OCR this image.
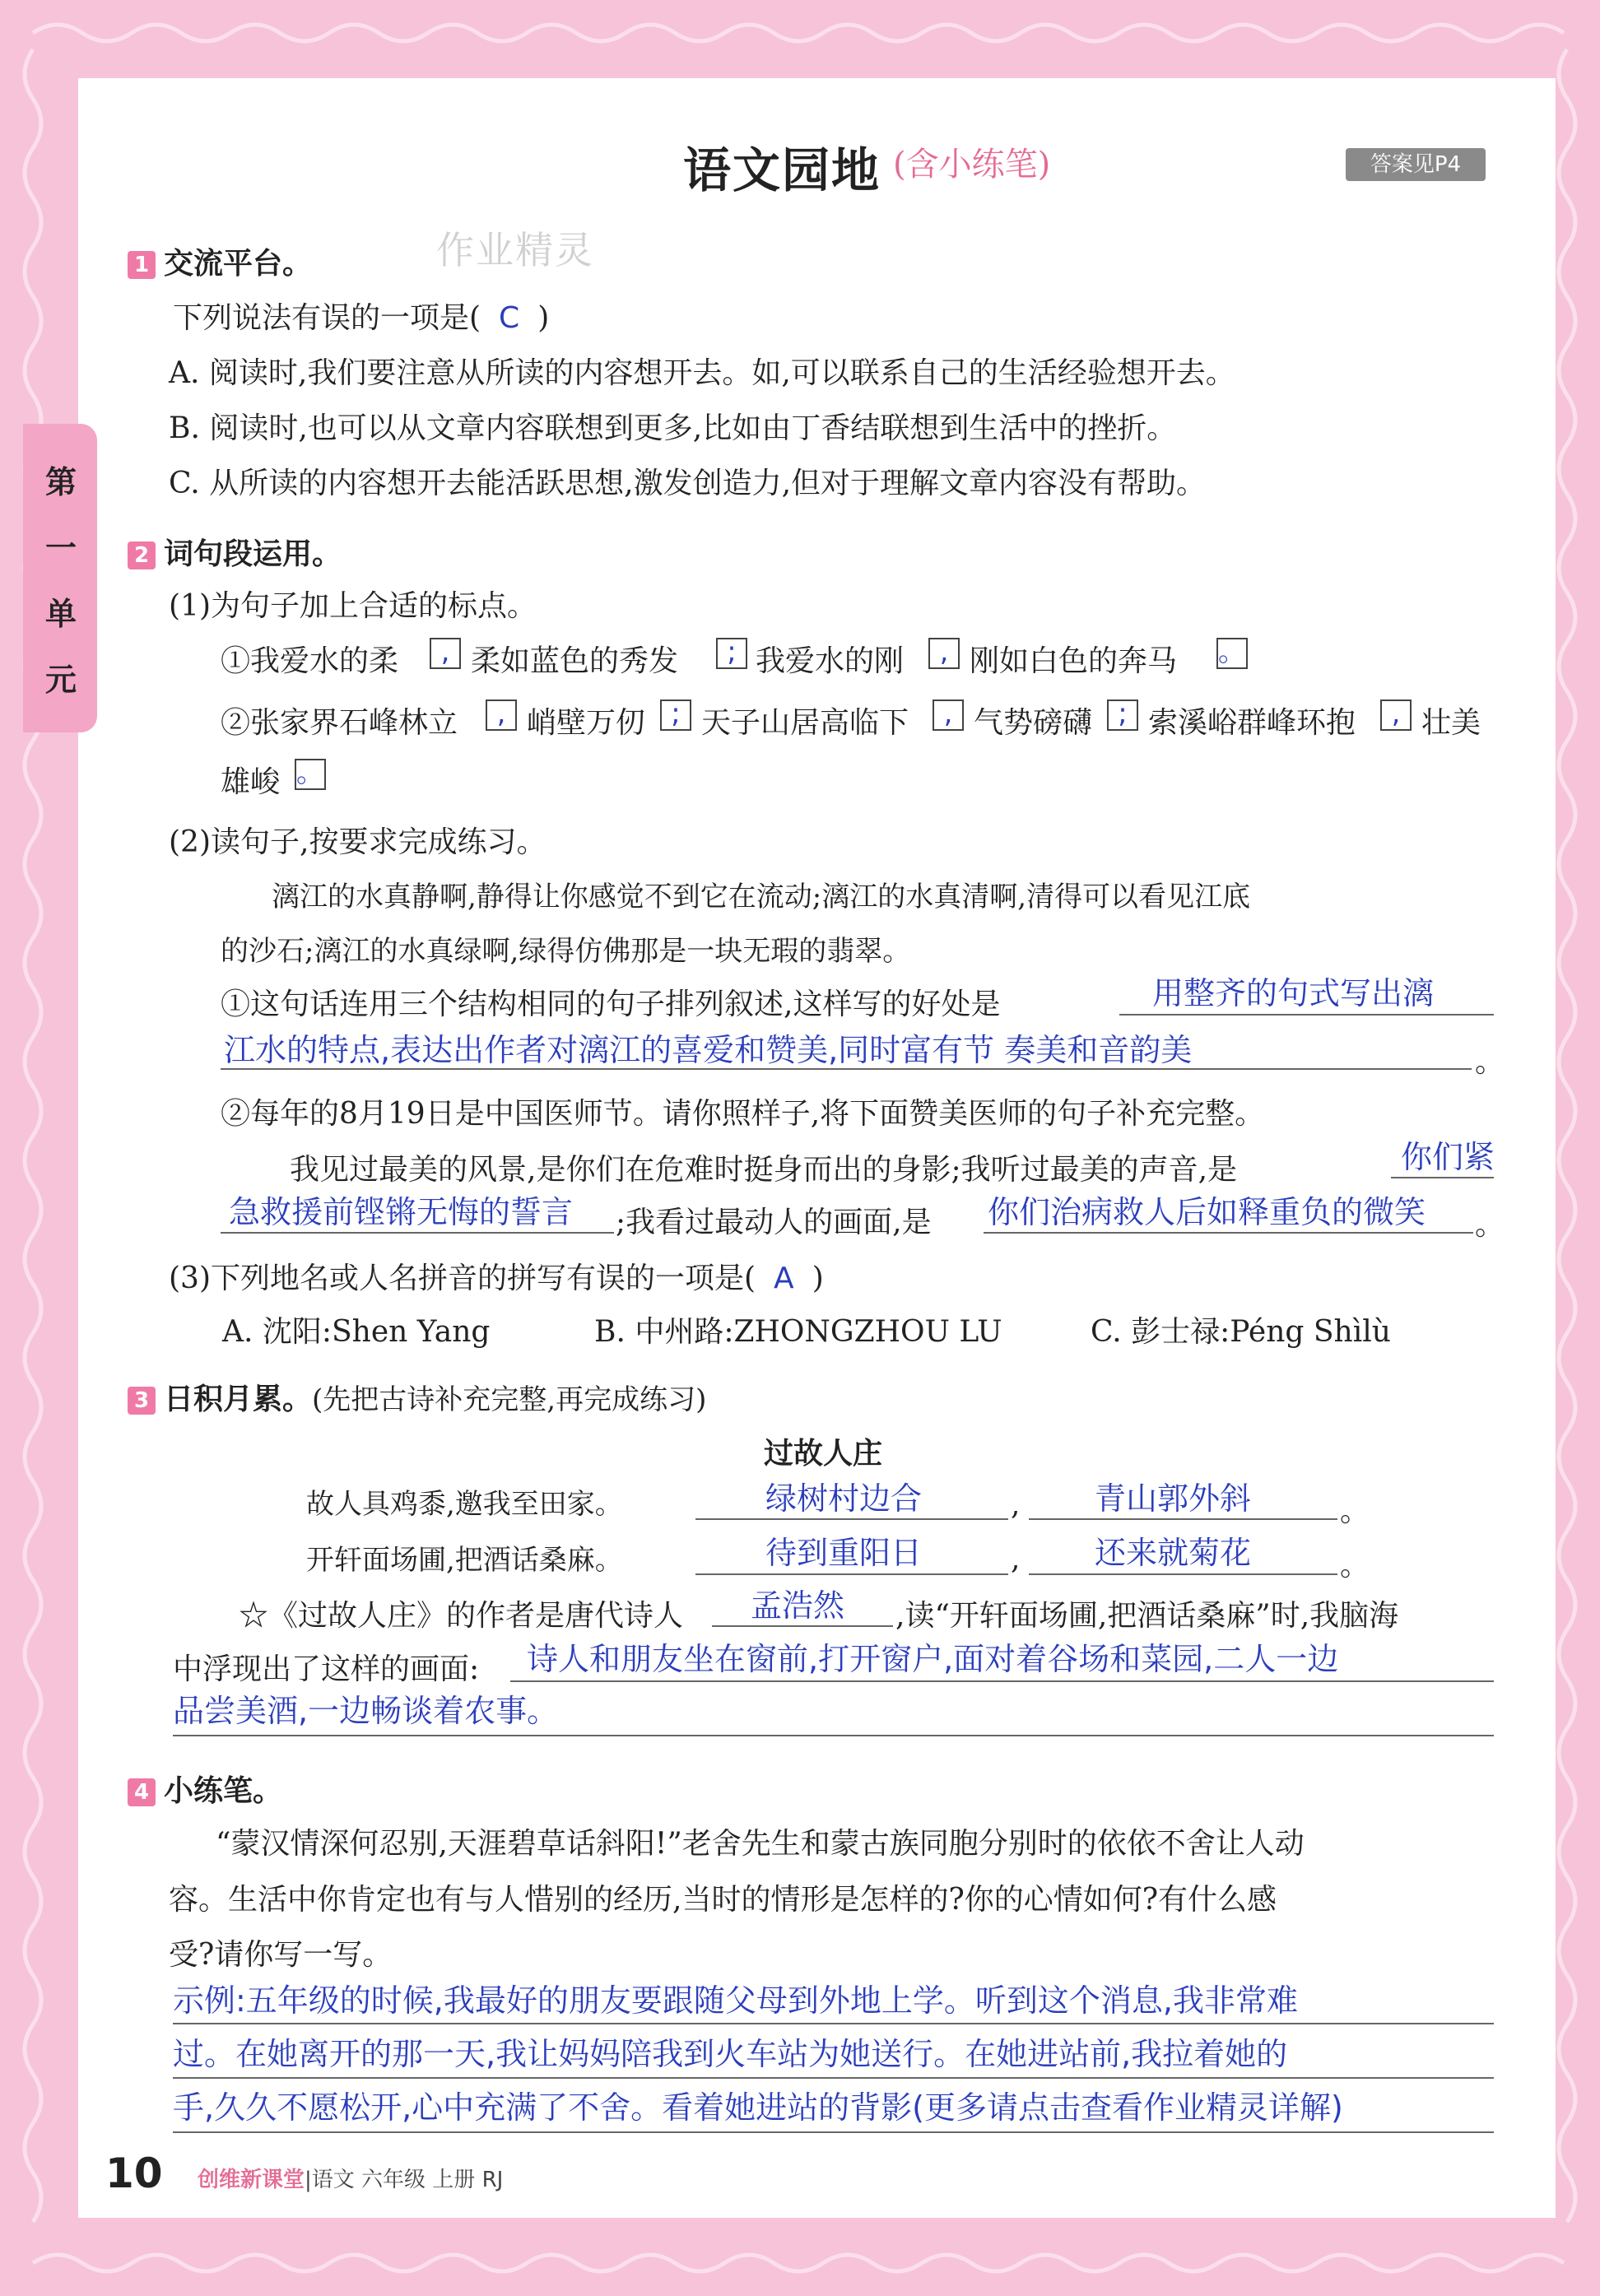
第
一
单
元
语文园地 (含小练笔)	答案见P4
作业精灵
1 交流平台。
下列说法有误的一项是( C )
A. 阅读时,我们要注意从所读的内容想开去。如,可以联系自己的生活经验想开去。
B. 阅读时,也可以从文章内容联想到更多,比如由丁香结联想到生活中的挫折。
C. 从所读的内容想开去能活跃思想,激发创造力,但对于理解文章内容没有帮助。
2 词句段运用。
(1)为句子加上合适的标点。
①我爱水的柔	, 柔如蓝色的秀发	; 我爱水的刚	, 刚如白色的奔马 。
②张家界石峰林立	, 峭壁万仞 ; 天子山居高临下	, 气势磅礴 ; 索溪峪群峰环抱	, 壮美
雄峻 。
(2)读句子,按要求完成练习。
漓江的水真静啊,静得让你感觉不到它在流动;漓江的水真清啊,清得可以看见江底
的沙石;漓江的水真绿啊,绿得仿佛那是一块无瑕的翡翠。
①这句话连用三个结构相同的句子排列叙述,这样写的好处是	用整齐的句式写出漓
江水的特点,表达出作者对漓江的喜爱和赞美,同时富有节 奏美和音韵美	。
②每年的8月19日是中国医师节。请你照样子,将下面赞美医师的句子补充完整。
我见过最美的风景,是你们在危难时挺身而出的身影;我听过最美的声音,是	你们紧
急救援前铿锵无悔的誓言 ;我看过最动人的画面,是 你们治病救人后如释重负的微笑 。
(3)下列地名或人名拼音的拼写有误的一项是( A )
A. 沈阳:Shen Yang	B. 中州路:ZHONGZHOU LU	C. 彭士禄:Péng Shìlù
3 日积月累。(先把古诗补充完整,再完成练习)
过故人庄
故人具鸡黍,邀我至田家。	绿树村边合	, 青山郭外斜	。
开轩面场圃,把酒话桑麻。	待到重阳日	, 还来就菊花	。
☆《过故人庄》的作者是唐代诗人 孟浩然 ,读“开轩面场圃,把酒话桑麻”时,我脑海
中浮现出了这样的画面: 诗人和朋友坐在窗前,打开窗户,面对着谷场和菜园,二人一边
品尝美酒,一边畅谈着农事。
4 小练笔。
“蒙汉情深何忍别,天涯碧草话斜阳!”老舍先生和蒙古族同胞分别时的依依不舍让人动
容。生活中你肯定也有与人惜别的经历,当时的情形是怎样的?你的心情如何?有什么感
受?请你写一写。
示例:五年级的时候,我最好的朋友要跟随父母到外地上学。听到这个消息,我非常难
过。在她离开的那一天,我让妈妈陪我到火车站为她送行。在她进站前,我拉着她的
手,久久不愿松开,心中充满了不舍。看着她进站的背影(更多请点击查看作业精灵详解)
10 创维新课堂|语文 六年级 上册 RJ
